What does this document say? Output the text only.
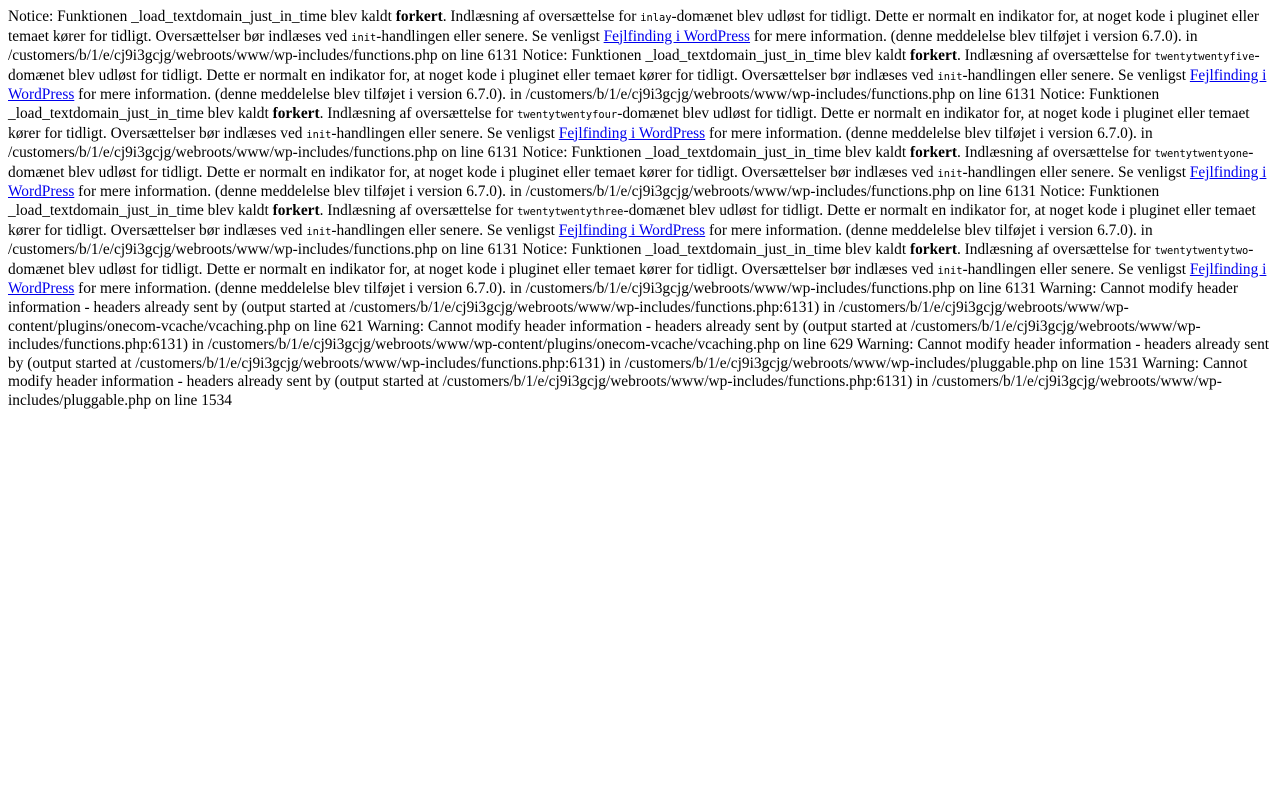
Notice: Funktionen _load_textdomain_just_in_time blev kaldt forkert. Indlæsning af oversættelse for inlay-domænet blev udløst for tidligt. Dette er normalt en indikator for, at noget kode i pluginet eller temaet kører for tidligt. Oversættelser bør indlæses ved init-handlingen eller senere. Se venligst Fejlfinding i WordPress for mere information. (denne meddelelse blev tilføjet i version 6.7.0). in /customers/b/1/e/cj9i3gcjg/webroots/www/wp-includes/functions.php on line 6131 Notice: Funktionen _load_textdomain_just_in_time blev kaldt forkert. Indlæsning af oversættelse for twentytwentyfive-domænet blev udløst for tidligt. Dette er normalt en indikator for, at noget kode i pluginet eller temaet kører for tidligt. Oversættelser bør indlæses ved init-handlingen eller senere. Se venligst Fejlfinding i WordPress for mere information. (denne meddelelse blev tilføjet i version 6.7.0). in /customers/b/1/e/cj9i3gcjg/webroots/www/wp-includes/functions.php on line 6131 Notice: Funktionen _load_textdomain_just_in_time blev kaldt forkert. Indlæsning af oversættelse for twentytwentyfour-domænet blev udløst for tidligt. Dette er normalt en indikator for, at noget kode i pluginet eller temaet kører for tidligt. Oversættelser bør indlæses ved init-handlingen eller senere. Se venligst Fejlfinding i WordPress for mere information. (denne meddelelse blev tilføjet i version 6.7.0). in /customers/b/1/e/cj9i3gcjg/webroots/www/wp-includes/functions.php on line 6131 Notice: Funktionen _load_textdomain_just_in_time blev kaldt forkert. Indlæsning af oversættelse for twentytwentyone-domænet blev udløst for tidligt. Dette er normalt en indikator for, at noget kode i pluginet eller temaet kører for tidligt. Oversættelser bør indlæses ved init-handlingen eller senere. Se venligst Fejlfinding i WordPress for mere information. (denne meddelelse blev tilføjet i version 6.7.0). in /customers/b/1/e/cj9i3gcjg/webroots/www/wp-includes/functions.php on line 6131 Notice: Funktionen _load_textdomain_just_in_time blev kaldt forkert. Indlæsning af oversættelse for twentytwentythree-domænet blev udløst for tidligt. Dette er normalt en indikator for, at noget kode i pluginet eller temaet kører for tidligt. Oversættelser bør indlæses ved init-handlingen eller senere. Se venligst Fejlfinding i WordPress for mere information. (denne meddelelse blev tilføjet i version 6.7.0). in /customers/b/1/e/cj9i3gcjg/webroots/www/wp-includes/functions.php on line 6131 Notice: Funktionen _load_textdomain_just_in_time blev kaldt forkert. Indlæsning af oversættelse for twentytwentytwo-domænet blev udløst for tidligt. Dette er normalt en indikator for, at noget kode i pluginet eller temaet kører for tidligt. Oversættelser bør indlæses ved init-handlingen eller senere. Se venligst Fejlfinding i WordPress for mere information. (denne meddelelse blev tilføjet i version 6.7.0). in /customers/b/1/e/cj9i3gcjg/webroots/www/wp-includes/functions.php on line 6131 Warning: Cannot modify header information - headers already sent by (output started at /customers/b/1/e/cj9i3gcjg/webroots/www/wp-includes/functions.php:6131) in /customers/b/1/e/cj9i3gcjg/webroots/www/wp-content/plugins/onecom-vcache/vcaching.php on line 621 Warning: Cannot modify header information - headers already sent by (output started at /customers/b/1/e/cj9i3gcjg/webroots/www/wp-includes/functions.php:6131) in /customers/b/1/e/cj9i3gcjg/webroots/www/wp-content/plugins/onecom-vcache/vcaching.php on line 629 Warning: Cannot modify header information - headers already sent by (output started at /customers/b/1/e/cj9i3gcjg/webroots/www/wp-includes/functions.php:6131) in /customers/b/1/e/cj9i3gcjg/webroots/www/wp-includes/pluggable.php on line 1531 Warning: Cannot modify header information - headers already sent by (output started at /customers/b/1/e/cj9i3gcjg/webroots/www/wp-includes/functions.php:6131) in /customers/b/1/e/cj9i3gcjg/webroots/www/wp-includes/pluggable.php on line 1534
